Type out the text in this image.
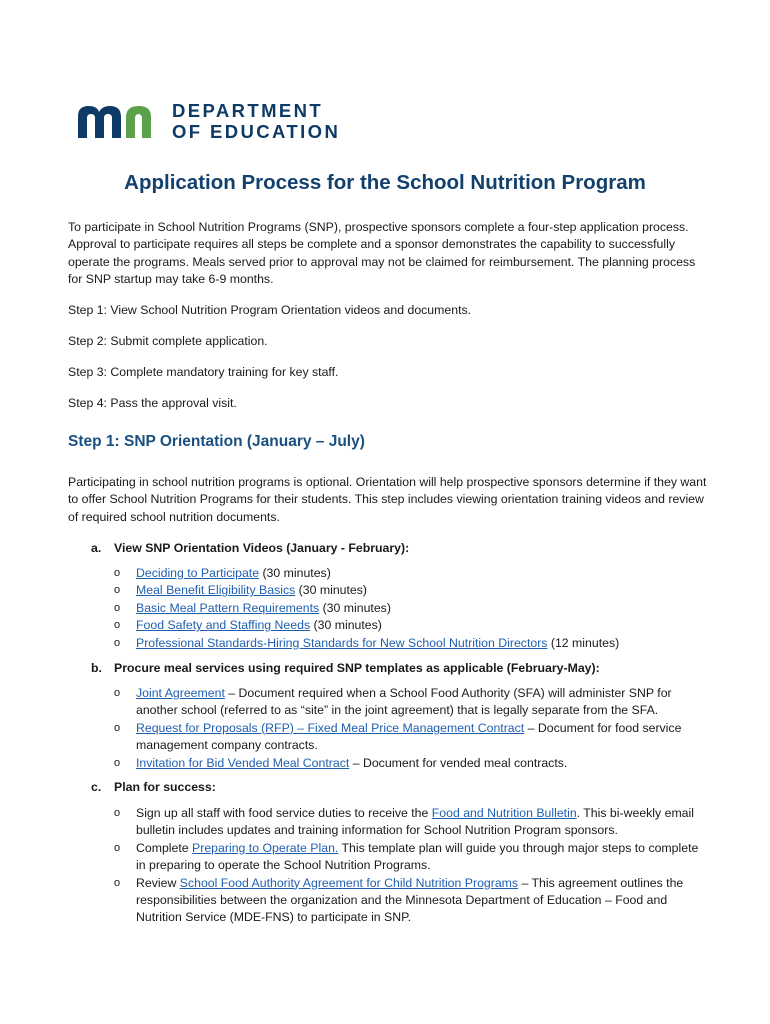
DEPARTMENT
OF EDUCATION
Application Process for the School Nutrition Program

To participate in School Nutrition Programs (SNP), prospective sponsors complete a four-step application process. Approval to participate requires all steps be complete and a sponsor demonstrates the capability to successfully operate the programs. Meals served prior to approval may not be claimed for reimbursement. The planning process for SNP startup may take 6-9 months.

Step 1: View School Nutrition Program Orientation videos and documents.

Step 2: Submit complete application.

Step 3: Complete mandatory training for key staff.

Step 4: Pass the approval visit.

Step 1: SNP Orientation (January – July)

Participating in school nutrition programs is optional. Orientation will help prospective sponsors determine if they want to offer School Nutrition Programs for their students. This step includes viewing orientation training videos and review of required school nutrition documents.

a. View SNP Orientation Videos (January - February):
o Deciding to Participate (30 minutes)
o Meal Benefit Eligibility Basics (30 minutes)
o Basic Meal Pattern Requirements (30 minutes)
o Food Safety and Staffing Needs (30 minutes)
o Professional Standards-Hiring Standards for New School Nutrition Directors (12 minutes)
b. Procure meal services using required SNP templates as applicable (February-May):
o Joint Agreement – Document required when a School Food Authority (SFA) will administer SNP for another school (referred to as “site” in the joint agreement) that is legally separate from the SFA.
o Request for Proposals (RFP) – Fixed Meal Price Management Contract – Document for food service management company contracts.
o Invitation for Bid Vended Meal Contract – Document for vended meal contracts.
c. Plan for success:
o Sign up all staff with food service duties to receive the Food and Nutrition Bulletin. This bi-weekly email bulletin includes updates and training information for School Nutrition Program sponsors.
o Complete Preparing to Operate Plan. This template plan will guide you through major steps to complete in preparing to operate the School Nutrition Programs.
o Review School Food Authority Agreement for Child Nutrition Programs – This agreement outlines the responsibilities between the organization and the Minnesota Department of Education – Food and Nutrition Service (MDE-FNS) to participate in SNP.
